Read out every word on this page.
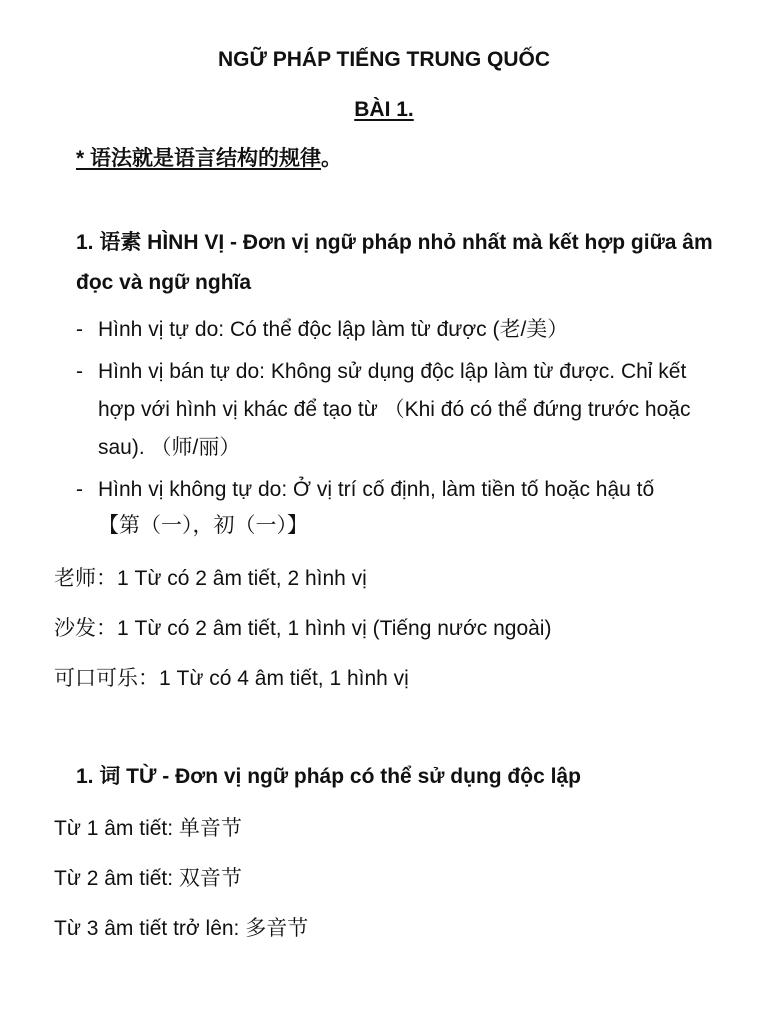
NGỮ PHÁP TIẾNG TRUNG QUỐC
BÀI 1.
* 语法就是语言结构的规律。
1. 语素 HÌNH VỊ - Đơn vị ngữ pháp nhỏ nhất mà kết hợp giữa âm
đọc và ngữ nghĩa
- Hình vị tự do: Có thể độc lập làm từ được (老/美）
- Hình vị bán tự do: Không sử dụng độc lập làm từ được. Chỉ kết
hợp với hình vị khác để tạo từ （Khi đó có thể đứng trước hoặc
sau). （师/丽）
- Hình vị không tự do: Ở vị trí cố định, làm tiền tố hoặc hậu tố
【第（一），初（一）】
老师：1 Từ có 2 âm tiết, 2 hình vị
沙发：1 Từ có 2 âm tiết, 1 hình vị (Tiếng nước ngoài)
可口可乐：1 Từ có 4 âm tiết, 1 hình vị
1. 词 TỪ - Đơn vị ngữ pháp có thể sử dụng độc lập
Từ 1 âm tiết: 单音节
Từ 2 âm tiết: 双音节
Từ 3 âm tiết trở lên: 多音节
